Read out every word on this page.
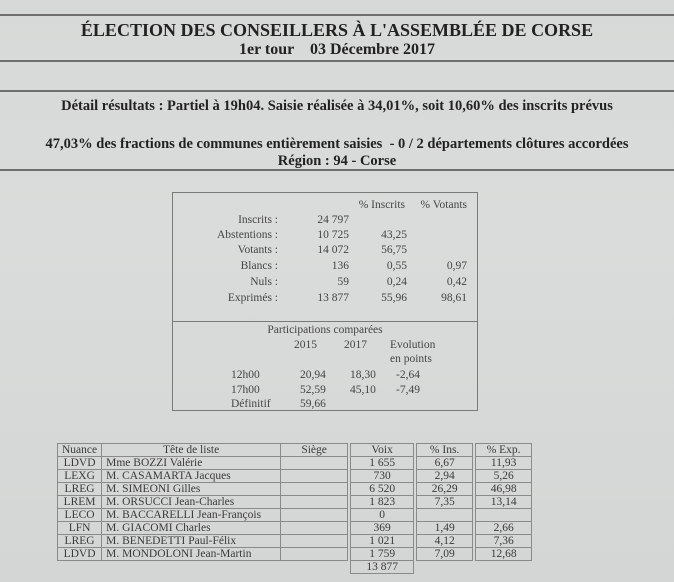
ÉLECTION DES CONSEILLERS À L'ASSEMBLÉE DE CORSE
1er tour    03 Décembre 2017
Détail résultats : Partiel à 19h04. Saisie réalisée à 34,01%, soit 10,60% des inscrits prévus
47,03% des fractions de communes entièrement saisies  - 0 / 2 départements clôtures accordées
Région : 94 - Corse
% Inscrits % Votants
Inscrits :	24 797
Abstentions :	10 725	43,25
Votants :	14 072	56,75
Blancs :	136	0,55	0,97
Nuls :	59	0,24	0,42
Exprimés :	13 877	55,96	98,61
Participations comparées
2015 2017 Evolution
en points
12h00	20,94 18,30 -2,64
17h00	52,59 45,10 -7,49
Définitif	59,66
Nuance	Tête de liste	Siège		Voix		% Ins.		% Exp.
LDVD	Mme BOZZI Valérie			1 655		6,67		11,93
LEXG	M. CASAMARTA Jacques			730		2,94		5,26
LREG	M. SIMEONI Gilles			6 520		26,29		46,98
LREM	M. ORSUCCI Jean-Charles			1 823		7,35		13,14
LECO	M. BACCARELLI Jean-François			0				
LFN	M. GIACOMI Charles			369		1,49		2,66
LREG	M. BENEDETTI Paul-Félix			1 021		4,12		7,36
LDVD	M. MONDOLONI Jean-Martin			1 759		7,09		12,68
				13 877				
